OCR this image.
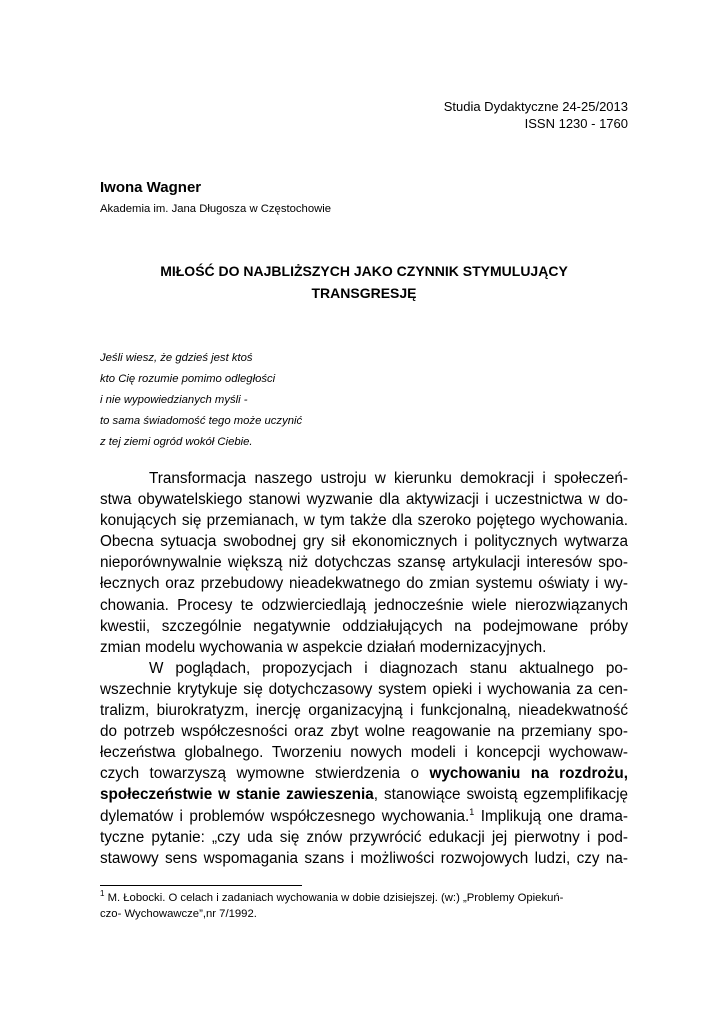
Studia Dydaktyczne 24-25/2013
ISSN 1230 - 1760
Iwona Wagner
Akademia im. Jana Długosza w Częstochowie
MIŁOŚĆ DO NAJBLIŻSZYCH JAKO CZYNNIK STYMULUJĄCY
TRANSGRESJĘ
Jeśli wiesz, że gdzieś jest ktoś
kto Cię rozumie pomimo odległości
i nie wypowiedzianych myśli -
to sama świadomość tego może uczynić
z tej ziemi ogród wokół Ciebie.
Transformacja naszego ustroju w kierunku demokracji i społeczeń-
stwa obywatelskiego stanowi wyzwanie dla aktywizacji i uczestnictwa w do-
konujących się przemianach, w tym także dla szeroko pojętego wychowania.
Obecna sytuacja swobodnej gry sił ekonomicznych i politycznych wytwarza
nieporównywalnie większą niż dotychczas szansę artykulacji interesów spo-
łecznych oraz przebudowy nieadekwatnego do zmian systemu oświaty i wy-
chowania. Procesy te odzwierciedlają jednocześnie wiele nierozwiązanych
kwestii, szczególnie negatywnie oddziałujących na podejmowane próby
zmian modelu wychowania w aspekcie działań modernizacyjnych.
W poglądach, propozycjach i diagnozach stanu aktualnego po-
wszechnie krytykuje się dotychczasowy system opieki i wychowania za cen-
tralizm, biurokratyzm, inercję organizacyjną i funkcjonalną, nieadekwatność
do potrzeb współczesności oraz zbyt wolne reagowanie na przemiany spo-
łeczeństwa globalnego. Tworzeniu nowych modeli i koncepcji wychowaw-
czych towarzyszą wymowne stwierdzenia o wychowaniu na rozdrożu,
społeczeństwie w stanie zawieszenia, stanowiące swoistą egzemplifikację
dylematów i problemów współczesnego wychowania.$^1$ Implikują one drama-
tyczne pytanie: „czy uda się znów przywrócić edukacji jej pierwotny i pod-
stawowy sens wspomagania szans i możliwości rozwojowych ludzi, czy na-
$^1$ M. Łobocki. O celach i zadaniach wychowania w dobie dzisiejszej. (w:) „Problemy Opiekuń-
czo- Wychowawcze”,nr 7/1992.
